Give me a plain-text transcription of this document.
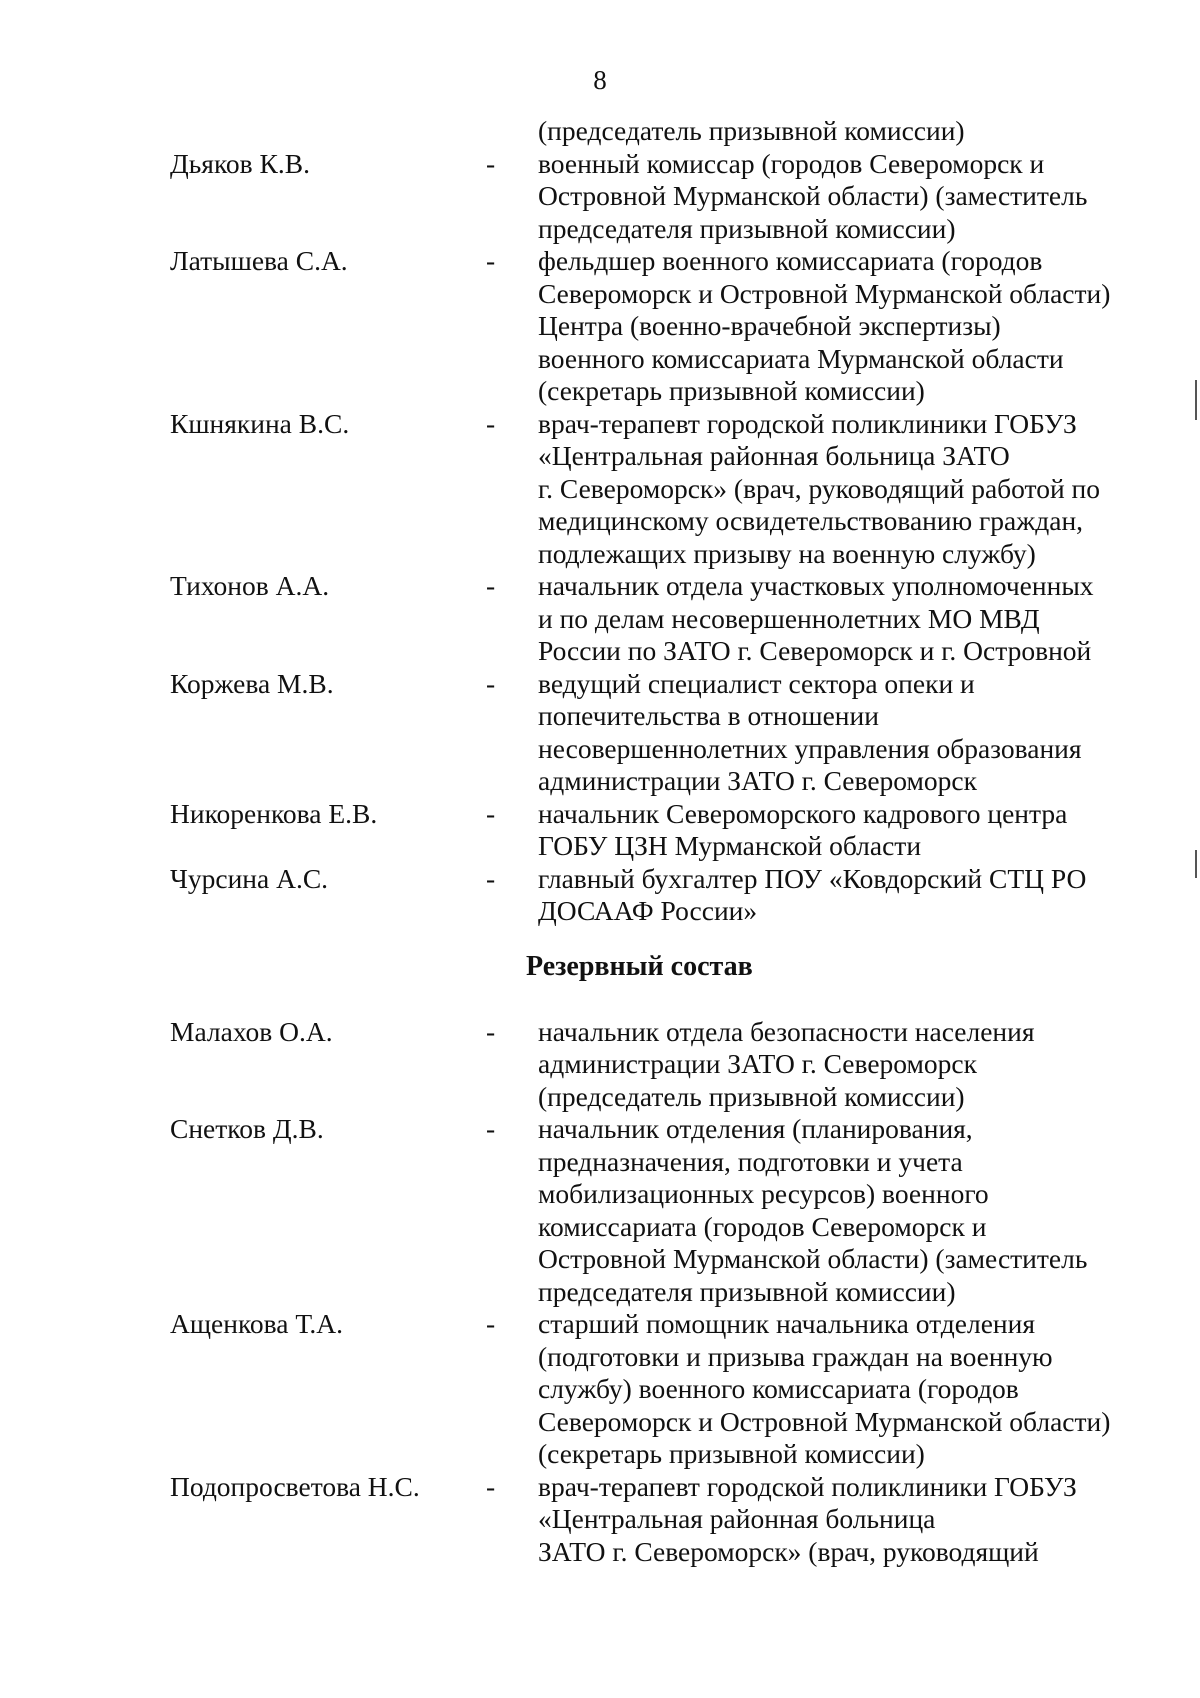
8
(председатель призывной комиссии)
Дьяков К.В.	-	военный комиссар (городов Североморск и
Островной Мурманской области) (заместитель
председателя призывной комиссии)
Латышева С.А.	-	фельдшер военного комиссариата (городов
Североморск и Островной Мурманской области)
Центра (военно-врачебной экспертизы)
военного комиссариата Мурманской области
(секретарь призывной комиссии)
Кшнякина В.С.	-	врач-терапевт городской поликлиники ГОБУЗ
«Центральная районная больница ЗАТО
г. Североморск» (врач, руководящий работой по
медицинскому освидетельствованию граждан,
подлежащих призыву на военную службу)
Тихонов А.А.	-	начальник отдела участковых уполномоченных
и по делам несовершеннолетних МО МВД
России по ЗАТО г. Североморск и г. Островной
Коржева М.В.	-	ведущий специалист сектора опеки и
попечительства в отношении
несовершеннолетних управления образования
администрации ЗАТО г. Североморск
Никоренкова Е.В.	-	начальник Североморского кадрового центра
ГОБУ ЦЗН Мурманской области
Чурсина А.С.	-	главный бухгалтер ПОУ «Ковдорский СТЦ РО
ДОСААФ России»
Резервный состав
Малахов О.А.	-	начальник отдела безопасности населения
администрации ЗАТО г. Североморск
(председатель призывной комиссии)
Снетков Д.В.	-	начальник отделения (планирования,
предназначения, подготовки и учета
мобилизационных ресурсов) военного
комиссариата (городов Североморск и
Островной Мурманской области) (заместитель
председателя призывной комиссии)
Ащенкова Т.А.	-	старший помощник начальника отделения
(подготовки и призыва граждан на военную
службу) военного комиссариата (городов
Североморск и Островной Мурманской области)
(секретарь призывной комиссии)
Подопросветова Н.С.	-	врач-терапевт городской поликлиники ГОБУЗ
«Центральная районная больница
ЗАТО г. Североморск» (врач, руководящий
